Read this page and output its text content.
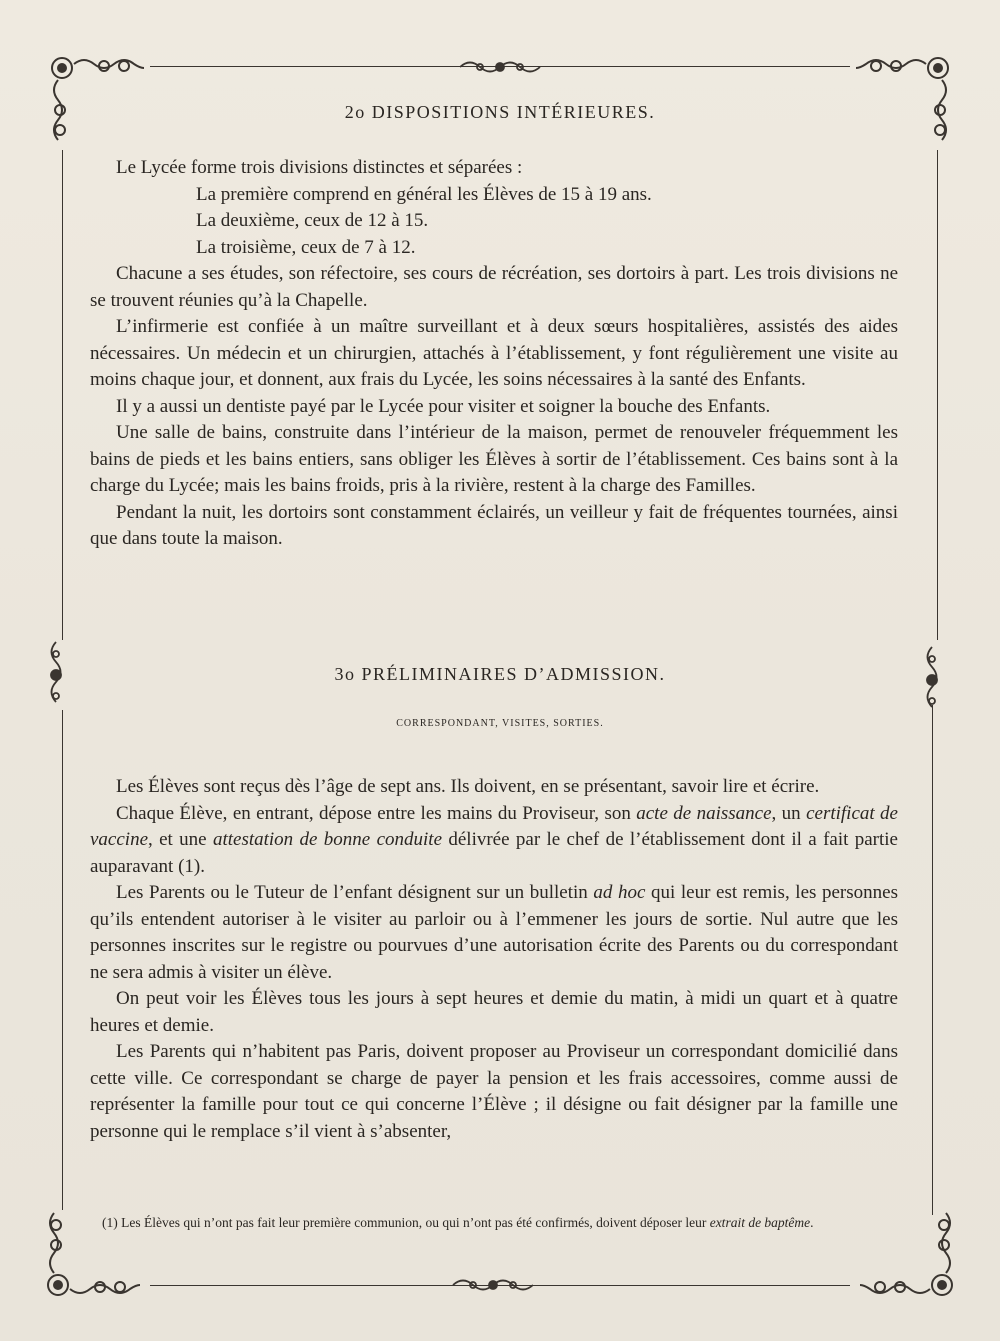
2o DISPOSITIONS INTÉRIEURES.

Le Lycée forme trois divisions distinctes et séparées :

La première comprend en général les Élèves de 15 à 19 ans.

La deuxième, ceux de 12 à 15.

La troisième, ceux de 7 à 12.

Chacune a ses études, son réfectoire, ses cours de récréation, ses dortoirs à part. Les trois divisions ne se trouvent réunies qu’à la Chapelle.

L’infirmerie est confiée à un maître surveillant et à deux sœurs hospitalières, assistés des aides nécessaires. Un médecin et un chirurgien, attachés à l’établissement, y font régulièrement une visite au moins chaque jour, et donnent, aux frais du Lycée, les soins nécessaires à la santé des Enfants.

Il y a aussi un dentiste payé par le Lycée pour visiter et soigner la bouche des Enfants.

Une salle de bains, construite dans l’intérieur de la maison, permet de renouveler fréquemment les bains de pieds et les bains entiers, sans obliger les Élèves à sortir de l’établissement. Ces bains sont à la charge du Lycée; mais les bains froids, pris à la rivière, restent à la charge des Familles.

Pendant la nuit, les dortoirs sont constamment éclairés, un veilleur y fait de fréquentes tournées, ainsi que dans toute la maison.

3o PRÉLIMINAIRES D’ADMISSION.
CORRESPONDANT, VISITES, SORTIES.

Les Élèves sont reçus dès l’âge de sept ans. Ils doivent, en se présentant, savoir lire et écrire.

Chaque Élève, en entrant, dépose entre les mains du Proviseur, son acte de naissance, un certificat de vaccine, et une attestation de bonne conduite délivrée par le chef de l’établissement dont il a fait partie auparavant (1).

Les Parents ou le Tuteur de l’enfant désignent sur un bulletin ad hoc qui leur est remis, les personnes qu’ils entendent autoriser à le visiter au parloir ou à l’emmener les jours de sortie. Nul autre que les personnes inscrites sur le registre ou pourvues d’une autorisation écrite des Parents ou du correspondant ne sera admis à visiter un élève.

On peut voir les Élèves tous les jours à sept heures et demie du matin, à midi un quart et à quatre heures et demie.

Les Parents qui n’habitent pas Paris, doivent proposer au Proviseur un correspondant domicilié dans cette ville. Ce correspondant se charge de payer la pension et les frais accessoires, comme aussi de représenter la famille pour tout ce qui concerne l’Élève ; il désigne ou fait désigner par la famille une personne qui le remplace s’il vient à s’absenter,

(1) Les Élèves qui n’ont pas fait leur première communion, ou qui n’ont pas été confirmés, doivent déposer leur extrait de baptême.
